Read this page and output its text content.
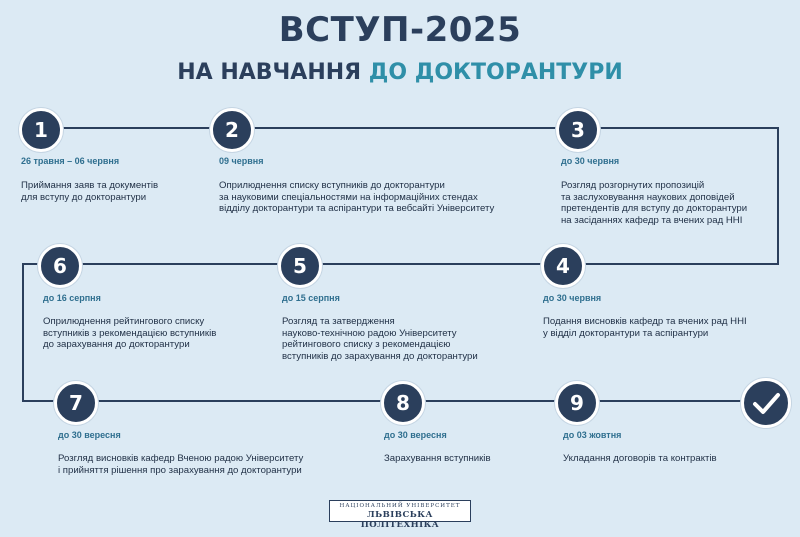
ВСТУП-2025
НА НАВЧАННЯ ДО ДОКТОРАНТУРИ
1
26 травня – 06 червня
Приймання заяв та документів
для вступу до докторантури
2
09 червня
Оприлюднення списку вступників до докторантури
за науковими спеціальностями на інформаційних стендах
відділу докторантури та аспірантури та вебсайті Університету
3
до 30 червня
Розгляд розгорнутих пропозицій
та заслуховування наукових доповідей
претендентів для вступу до докторантури
на засіданнях кафедр та вчених рад ННІ
4
до 30 червня
Подання висновків кафедр та вчених рад ННІ
у відділ докторантури та аспірантури
5
до 15 серпня
Розгляд та затвердження
науково-технічною радою Університету
рейтингового списку з рекомендацією
вступників до зарахування до докторантури
6
до 16 серпня
Оприлюднення рейтингового списку
вступників з рекомендацією вступників
до зарахування до докторантури
7
до 30 вересня
Розгляд висновків кафедр Вченою радою Університету
і прийняття рішення про зарахування до докторантури
8
до 30 вересня
Зарахування вступників
9
до 03 жовтня
Укладання договорів та контрактів
НАЦІОНАЛЬНИЙ УНІВЕРСИТЕТ
ЛЬВІВСЬКА ПОЛІТЕХНІКА
